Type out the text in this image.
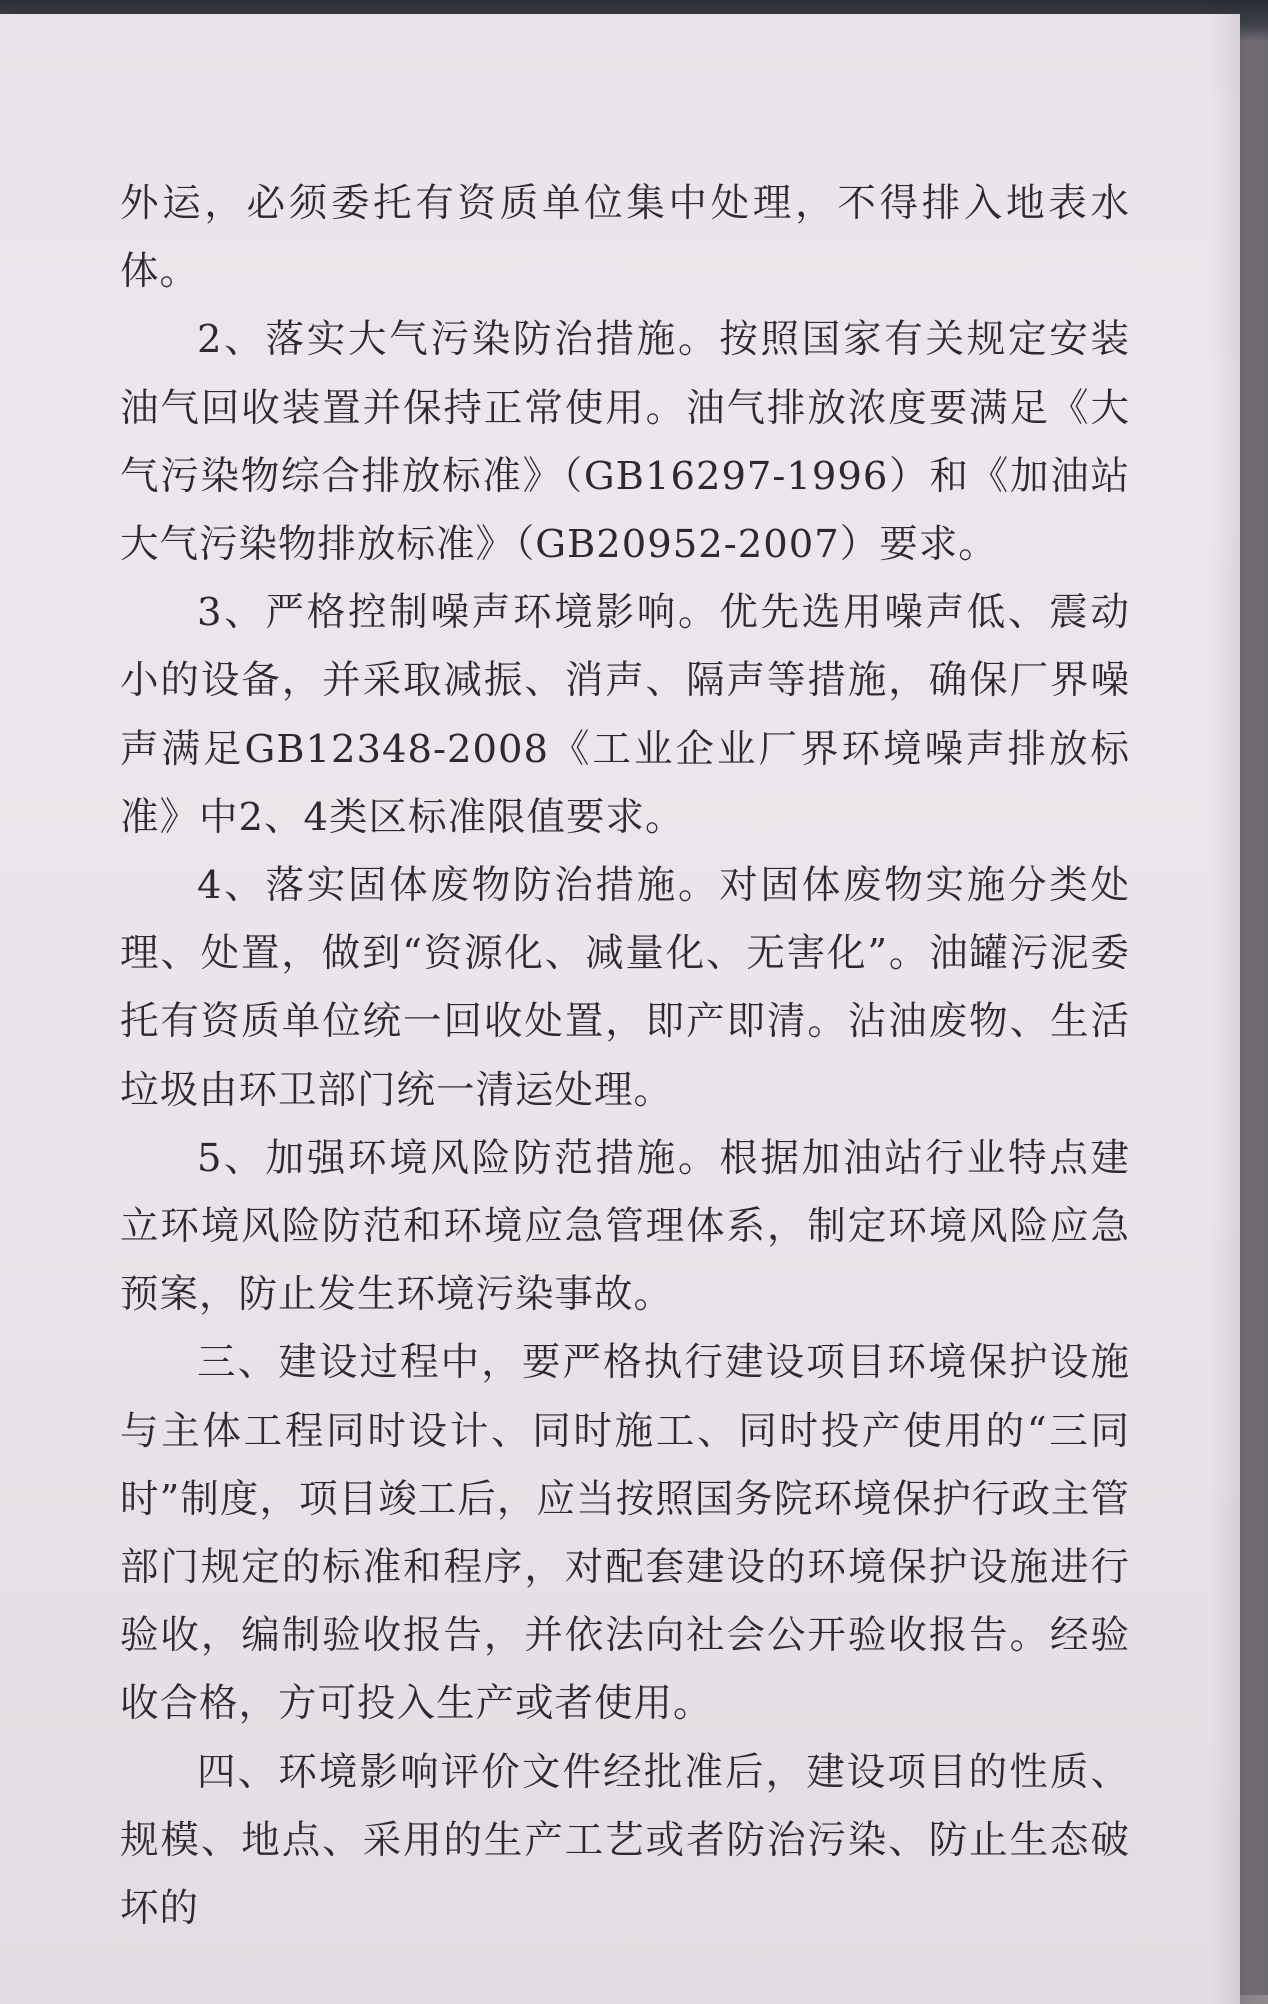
外运，必须委托有资质单位集中处理，不得排入地表水体。

2、落实大气污染防治措施。按照国家有关规定安装油气回收装置并保持正常使用。油气排放浓度要满足《大气污染物综合排放标准》（GB16297-1996）和《加油站大气污染物排放标准》（GB20952-2007）要求。

3、严格控制噪声环境影响。优先选用噪声低、震动小的设备，并采取减振、消声、隔声等措施，确保厂界噪声满足GB12348-2008《工业企业厂界环境噪声排放标准》中2、4类区标准限值要求。

4、落实固体废物防治措施。对固体废物实施分类处理、处置，做到“资源化、减量化、无害化”。油罐污泥委托有资质单位统一回收处置，即产即清。沾油废物、生活垃圾由环卫部门统一清运处理。

5、加强环境风险防范措施。根据加油站行业特点建立环境风险防范和环境应急管理体系，制定环境风险应急预案，防止发生环境污染事故。

三、建设过程中，要严格执行建设项目环境保护设施与主体工程同时设计、同时施工、同时投产使用的“三同时”制度，项目竣工后，应当按照国务院环境保护行政主管部门规定的标准和程序，对配套建设的环境保护设施进行验收，编制验收报告，并依法向社会公开验收报告。经验收合格，方可投入生产或者使用。

四、环境影响评价文件经批准后，建设项目的性质、规模、地点、采用的生产工艺或者防治污染、防止生态破坏的
